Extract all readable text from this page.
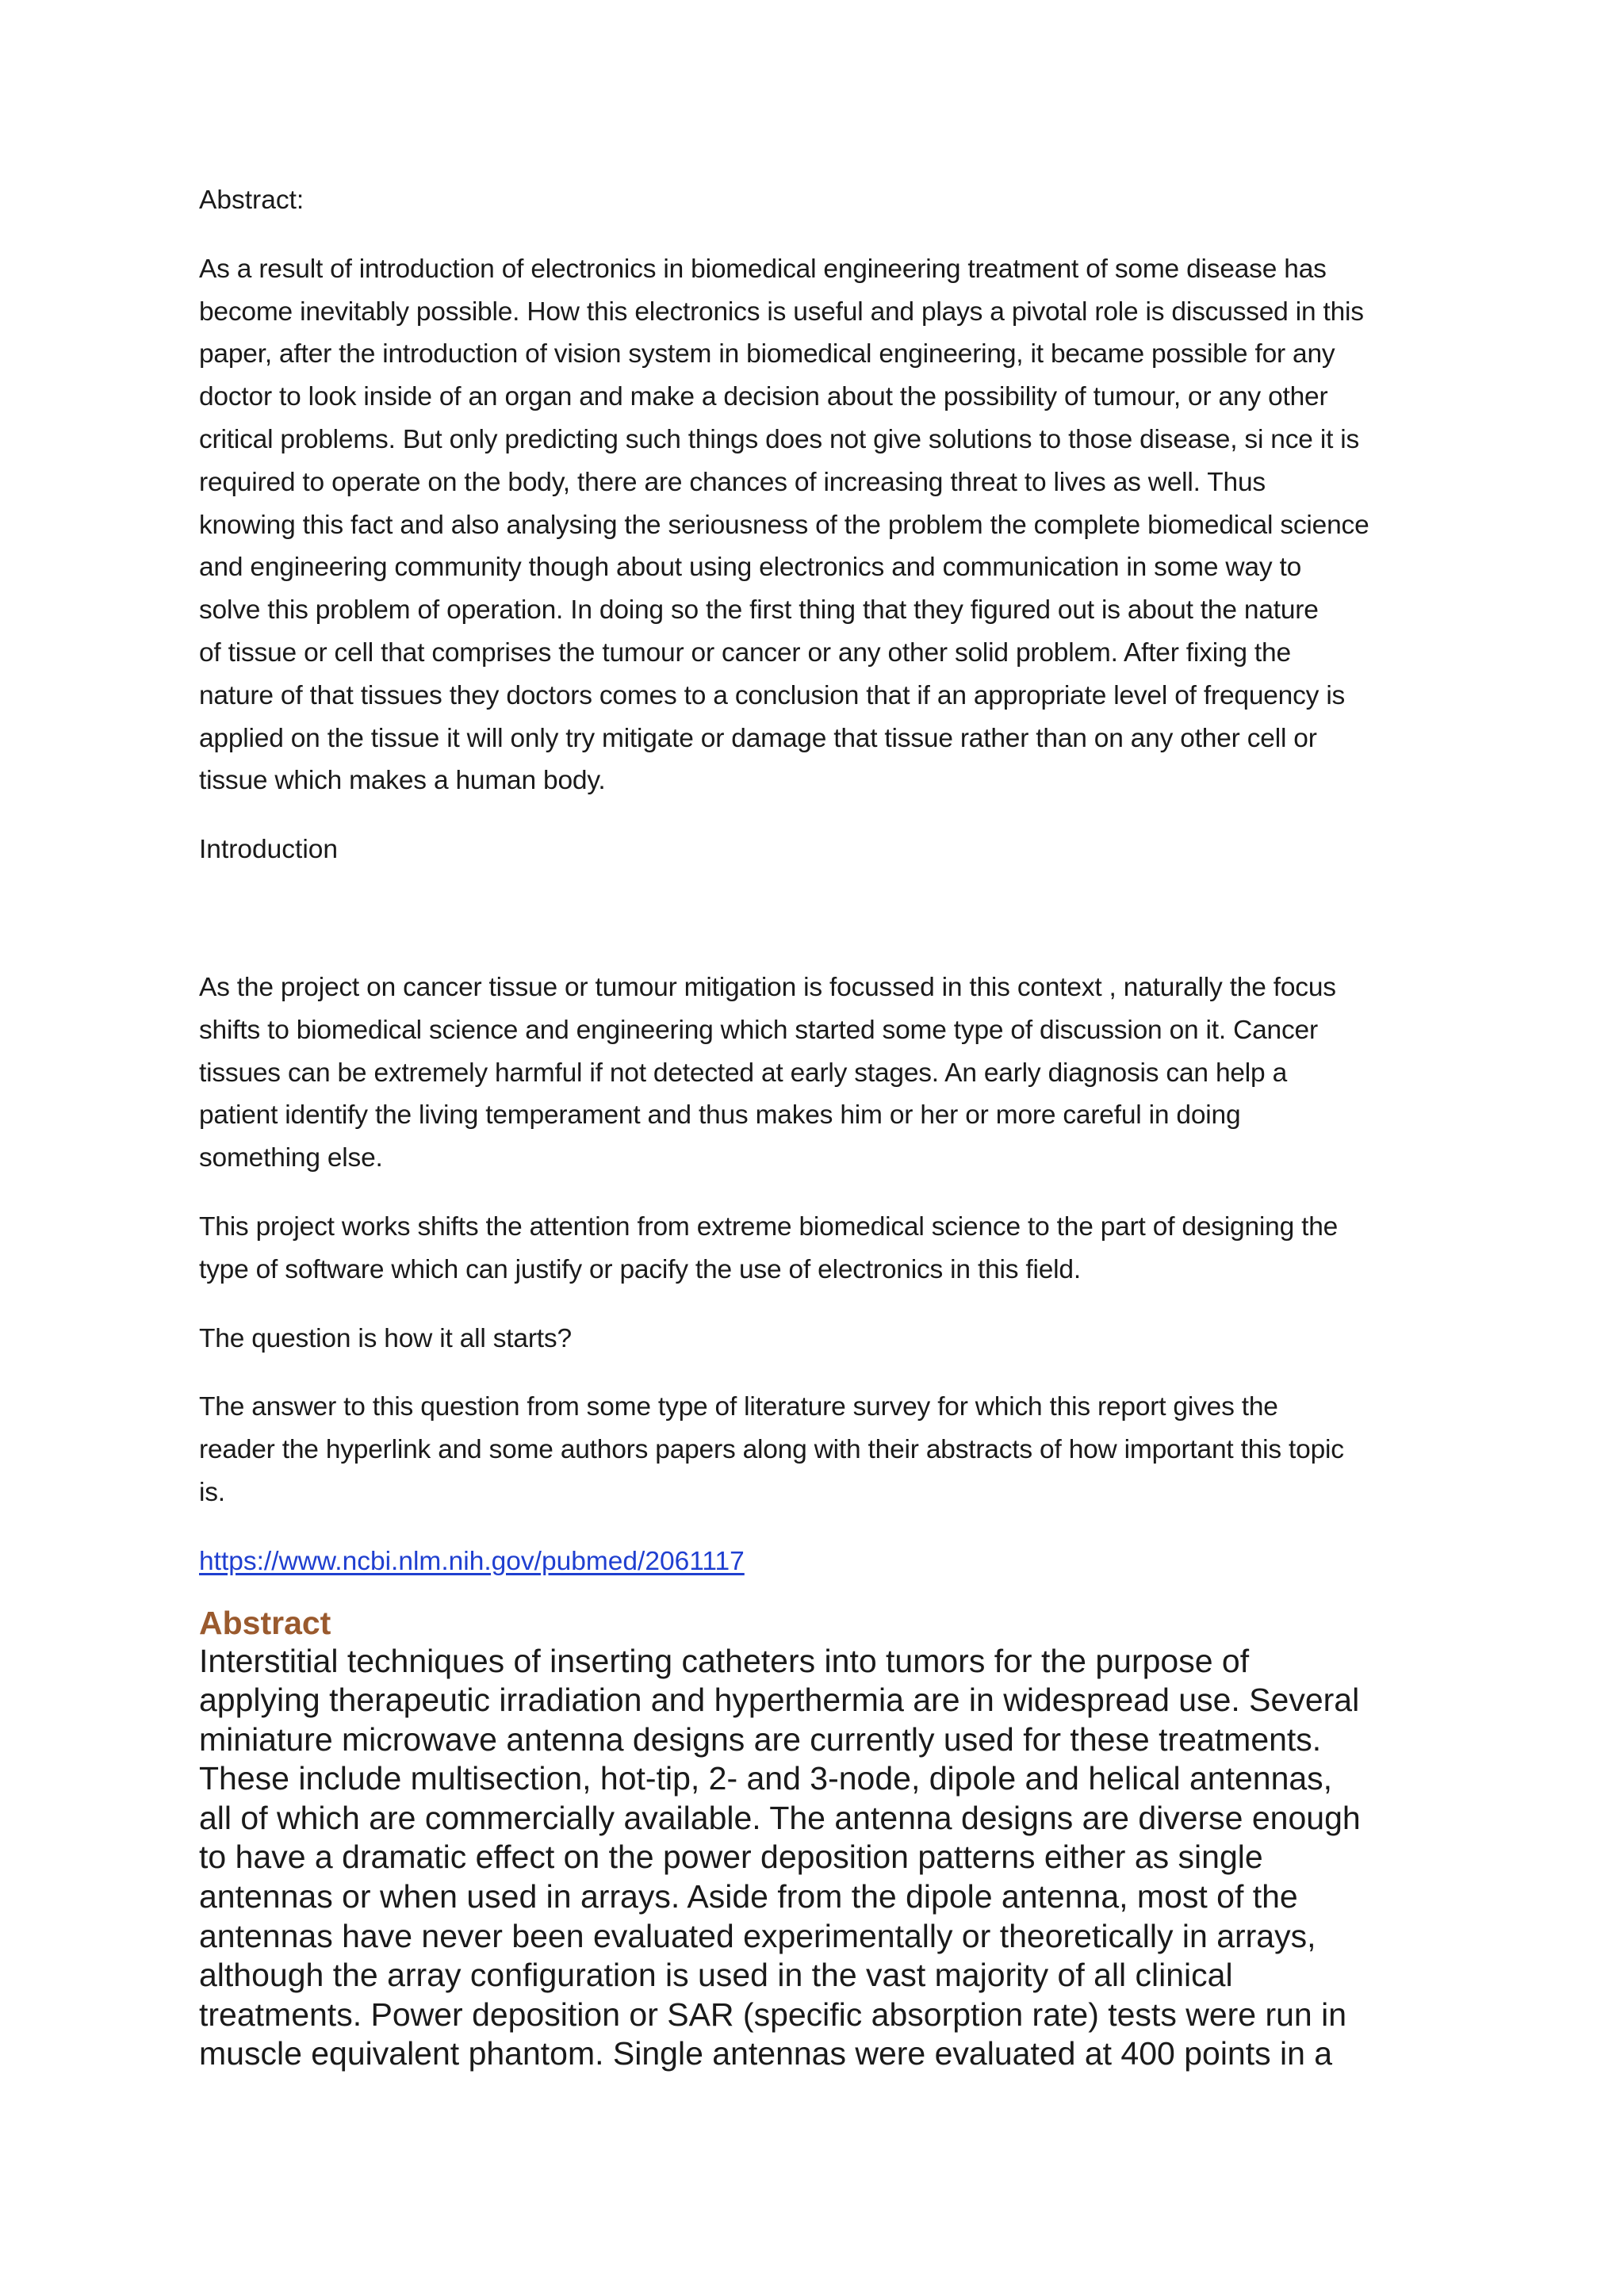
Abstract:
As a result of introduction of electronics in biomedical engineering treatment of some disease has
become inevitably possible. How this electronics is useful and plays a pivotal role is discussed in this
paper, after the introduction of vision system in biomedical engineering, it became possible for any
doctor to look inside of an organ and make a decision about the possibility of tumour, or any other
critical problems. But only predicting such things does not give solutions to those disease, si nce it is
required to operate on the body, there are chances of increasing threat to lives as well. Thus
knowing this fact and also analysing the seriousness of the problem the complete biomedical science
and engineering community though about using electronics and communication in some way to
solve this problem of operation. In doing so the first thing that they figured out is about the nature
of tissue or cell that comprises the tumour or cancer or any other solid problem. After fixing the
nature of that tissues they doctors comes to a conclusion that if an appropriate level of frequency is
applied on the tissue it will only try mitigate or damage that tissue rather than on any other cell or
tissue which makes a human body.
Introduction
As the project on cancer tissue or tumour mitigation is focussed in this context , naturally the focus
shifts to biomedical science and engineering which started some type of discussion on it. Cancer
tissues can be extremely harmful if not detected at early stages. An early diagnosis can help a
patient identify the living temperament and thus makes him or her or more careful in doing
something else.
This project works shifts the attention from extreme biomedical science to the part of designing the
type of software which can justify or pacify the use of electronics in this field.
The question is how it all starts?
The answer to this question from some type of literature survey for which this report gives the
reader the hyperlink and some authors papers along with their abstracts of how important this topic
is.
https://www.ncbi.nlm.nih.gov/pubmed/2061117
Abstract
Interstitial techniques of inserting catheters into tumors for the purpose of
applying therapeutic irradiation and hyperthermia are in widespread use. Several
miniature microwave antenna designs are currently used for these treatments.
These include multisection, hot-tip, 2- and 3-node, dipole and helical antennas,
all of which are commercially available. The antenna designs are diverse enough
to have a dramatic effect on the power deposition patterns either as single
antennas or when used in arrays. Aside from the dipole antenna, most of the
antennas have never been evaluated experimentally or theoretically in arrays,
although the array configuration is used in the vast majority of all clinical
treatments. Power deposition or SAR (specific absorption rate) tests were run in
muscle equivalent phantom. Single antennas were evaluated at 400 points in a
